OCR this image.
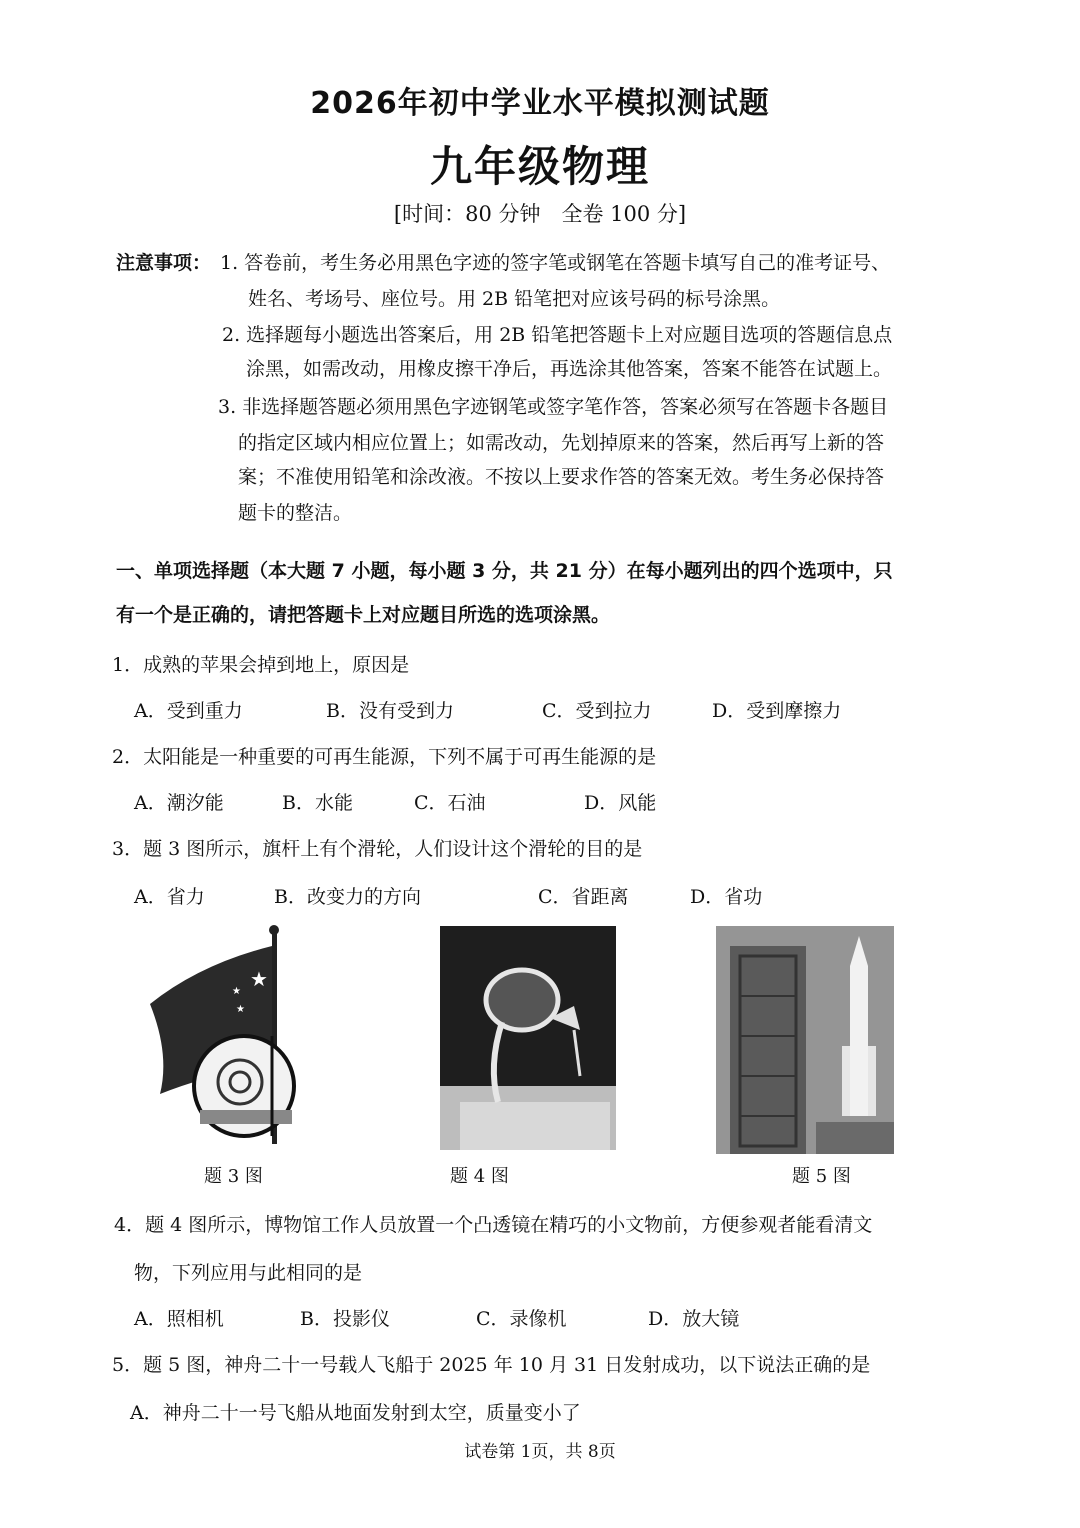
2026年初中学业水平模拟测试题
九年级物理
[时间：80 分钟　全卷 100 分]
注意事项： 1. 答卷前，考生务必用黑色字迹的签字笔或钢笔在答题卡填写自己的准考证号、
姓名、考场号、座位号。用 2B 铅笔把对应该号码的标号涂黑。
2. 选择题每小题选出答案后，用 2B 铅笔把答题卡上对应题目选项的答题信息点
涂黑，如需改动，用橡皮擦干净后，再选涂其他答案，答案不能答在试题上。
3. 非选择题答题必须用黑色字迹钢笔或签字笔作答，答案必须写在答题卡各题目
的指定区域内相应位置上；如需改动，先划掉原来的答案，然后再写上新的答
案；不准使用铅笔和涂改液。不按以上要求作答的答案无效。考生务必保持答
题卡的整洁。
一、单项选择题（本大题 7 小题，每小题 3 分，共 21 分）在每小题列出的四个选项中，只
有一个是正确的，请把答题卡上对应题目所选的选项涂黑。
1．成熟的苹果会掉到地上，原因是
A．受到重力	B．没有受到力	C．受到拉力	D．受到摩擦力
2．太阳能是一种重要的可再生能源，下列不属于可再生能源的是
A．潮汐能	B．水能	C．石油	D．风能
3．题 3 图所示，旗杆上有个滑轮，人们设计这个滑轮的目的是
A．省力	B．改变力的方向	C．省距离	D．省功
★
★
★
题 3 图	题 4 图	题 5 图
4．题 4 图所示，博物馆工作人员放置一个凸透镜在精巧的小文物前，方便参观者能看清文
物，下列应用与此相同的是
A．照相机	B．投影仪	C．录像机	D．放大镜
5．题 5 图，神舟二十一号载人飞船于 2025 年 10 月 31 日发射成功，以下说法正确的是
A．神舟二十一号飞船从地面发射到太空，质量变小了
试卷第 1页，共 8页
